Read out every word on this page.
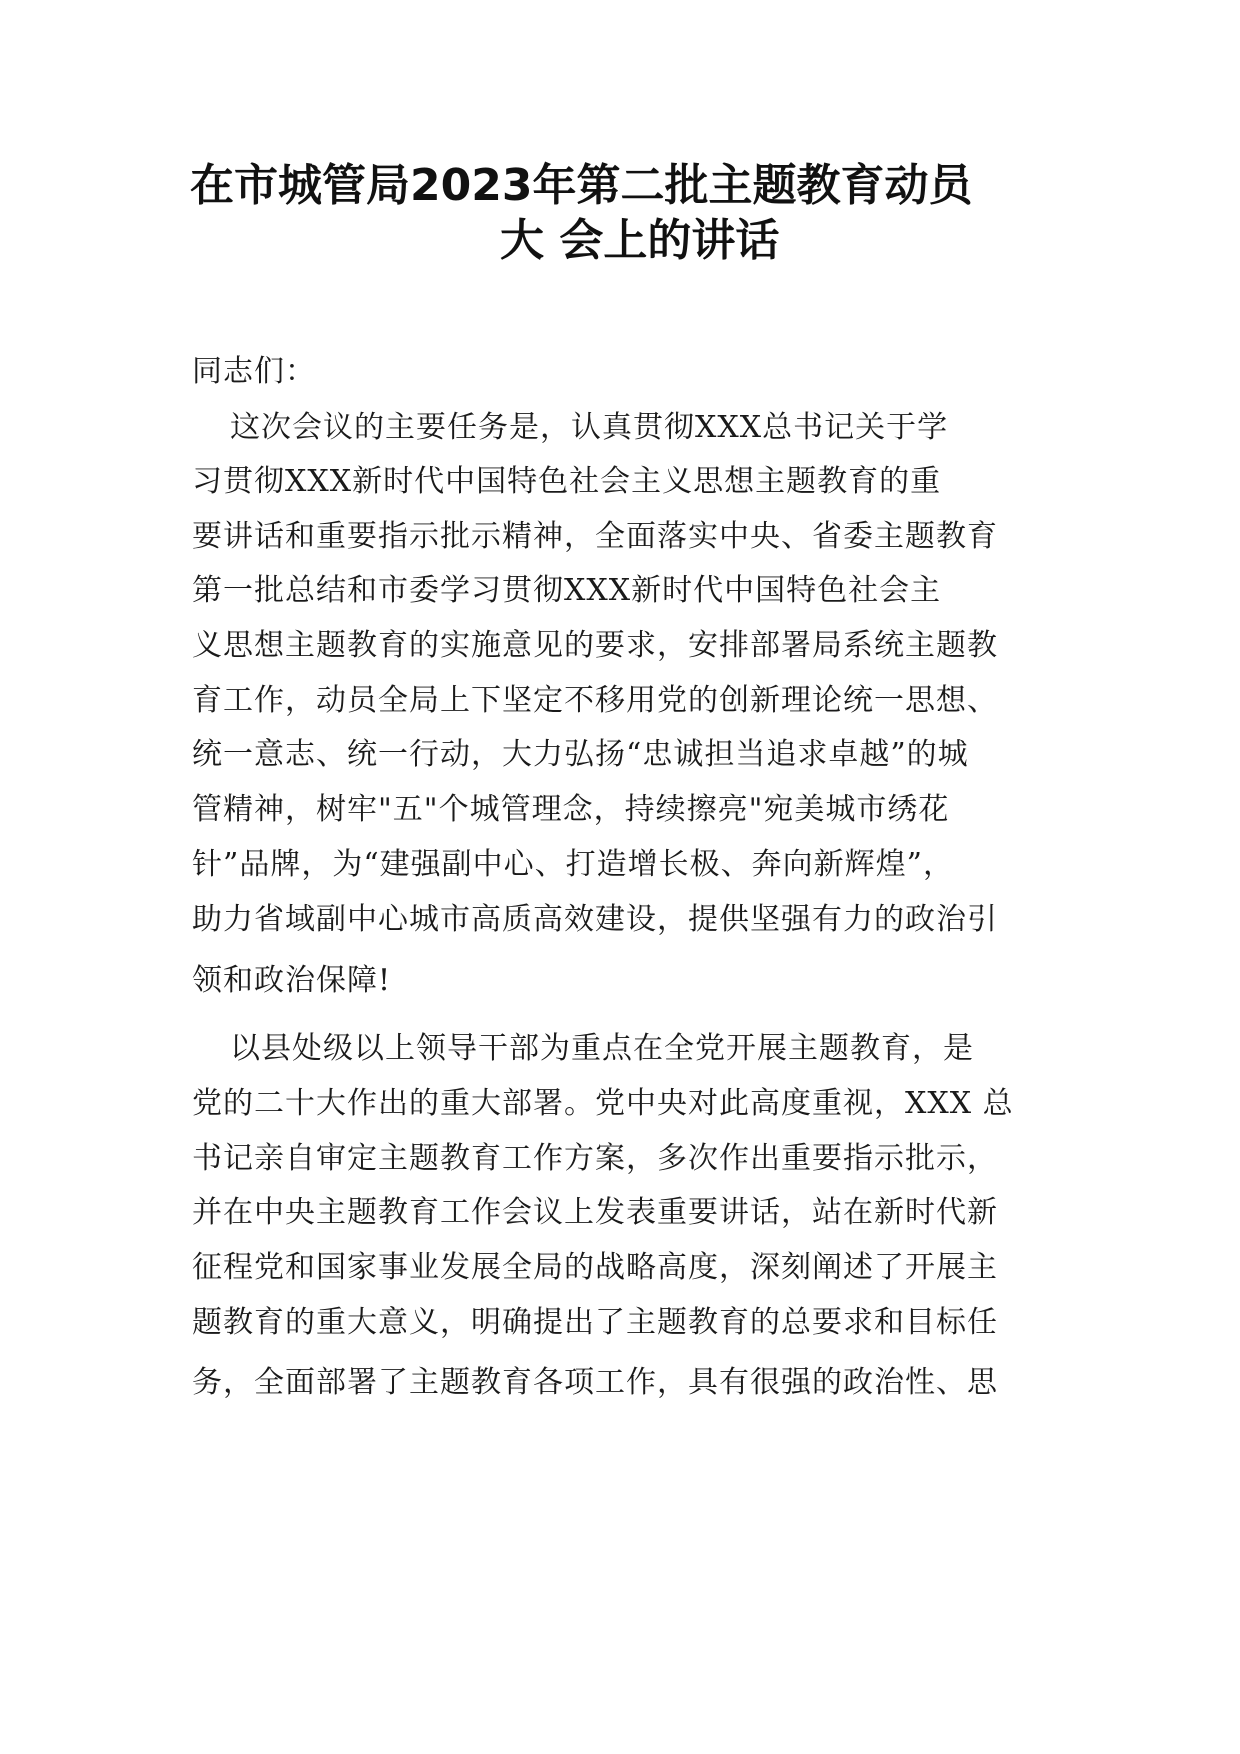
在市城管局2023年第二批主题教育动员
大 会上的讲话
同志们：
这次会议的主要任务是，认真贯彻XXX总书记关于学
习贯彻XXX新时代中国特色社会主义思想主题教育的重
要讲话和重要指示批示精神，全面落实中央、省委主题教育
第一批总结和市委学习贯彻XXX新时代中国特色社会主
义思想主题教育的实施意见的要求，安排部署局系统主题教
育工作，动员全局上下坚定不移用党的创新理论统一思想、
统一意志、统一行动，大力弘扬“忠诚担当追求卓越”的城
管精神，树牢"五"个城管理念，持续擦亮"宛美城市绣花
针”品牌，为“建强副中心、打造增长极、奔向新辉煌”，
助力省域副中心城市高质高效建设，提供坚强有力的政治引
领和政治保障!
以县处级以上领导干部为重点在全党开展主题教育，是
党的二十大作出的重大部署。党中央对此高度重视，XXX 总
书记亲自审定主题教育工作方案，多次作出重要指示批示，
并在中央主题教育工作会议上发表重要讲话，站在新时代新
征程党和国家事业发展全局的战略高度，深刻阐述了开展主
题教育的重大意义，明确提出了主题教育的总要求和目标任
务，全面部署了主题教育各项工作，具有很强的政治性、思
